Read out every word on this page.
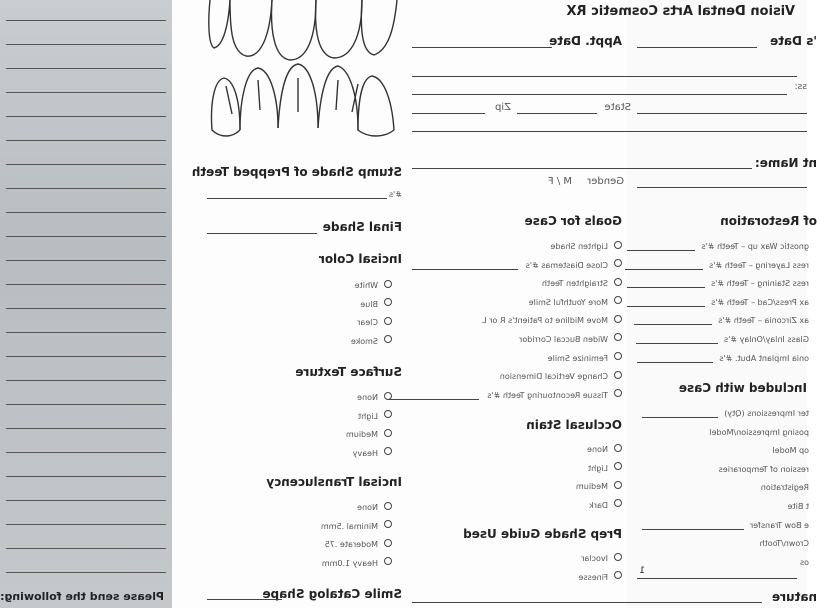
Vision Dental Arts Cosmetic RX
's Date
Appt. Date
ss:
State
Zip
nt Name:
Gender
M / F
of Restoration
gnostic Wax up – Teeth #'s
ress Layering – Teeth #'s
ress Staining – Teeth #'s
ax Press/Cad – Teeth #'s
ax Zirconia – Teeth #'s
Glass Inlay/Onlay #'s
onia Implant Abut. #'s
Included with Case
ter Impressions (Qty)
posing Impression/Model
op Model
ression of Temporaries
Registration
t Bite
e Bow Transfer
Crown/Tooth
os
1
nature
Goals for Case
Lighten Shade
Close Diastemas #'s
Straighten Teeth
More Youthful Smile
Move Midline to Patient's R or L
Widen Buccal Corridor
Feminize Smile
Change Vertical Dimension
Tissue Recontouring Teeth #'s
Occlusal Stain
None
Light
Medium
Dark
Prep Shade Guide Used
Ivoclar
Finesse
Stump Shade of Prepped Teeth
#'s
Final Shade
Incisal Color
White
Blue
Clear
Smoke
Surface Texture
None
Light
Medium
Heavy
Incisal Translucency
None
Minimal .5mm
Moderate .75
Heavy 1.0mm
Smile Catalog Shape
Please send the following:
